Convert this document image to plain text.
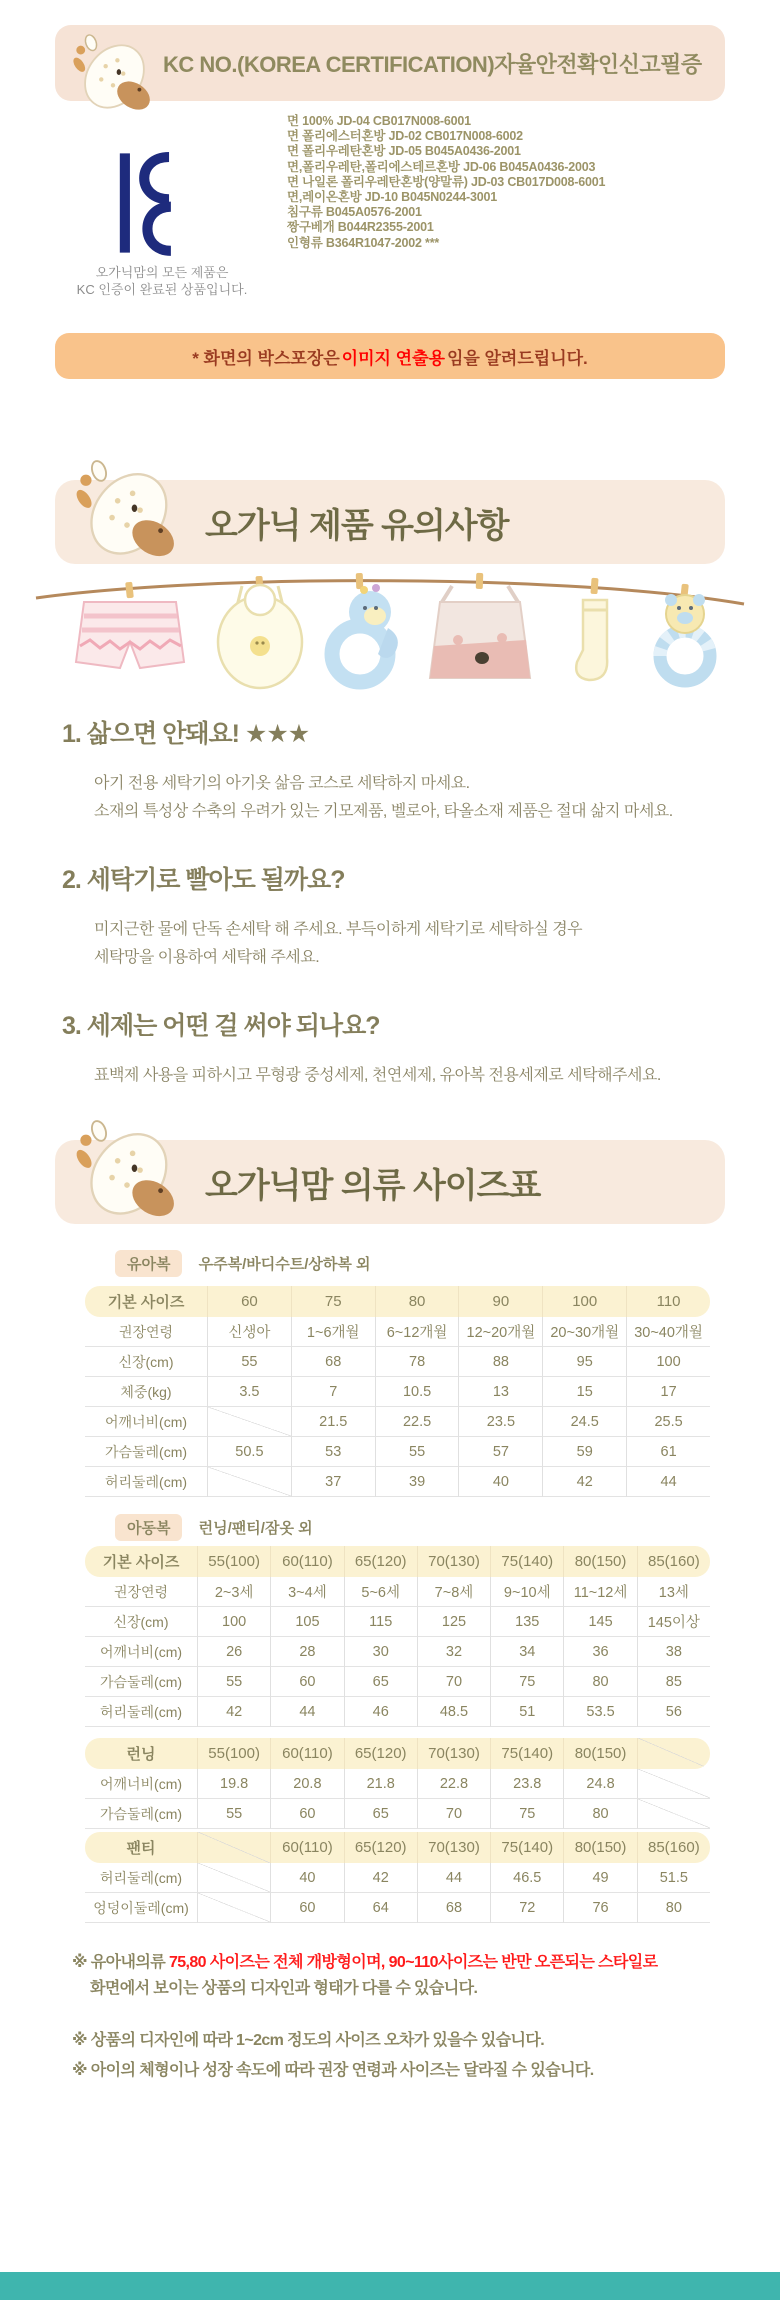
KC NO.(KOREA CERTIFICATION)자율안전확인신고필증
오가닉맘의 모든 제품은
KC 인증이 완료된 상품입니다.
면 100% JD-04 CB017N008-6001
면 폴리에스터혼방 JD-02 CB017N008-6002
면 폴리우레탄혼방 JD-05 B045A0436-2001
면,폴리우레탄,폴리에스테르혼방 JD-06 B045A0436-2003
면 나일론 폴리우레탄혼방(양말류) JD-03 CB017D008-6001
면,레이온혼방 JD-10 B045N0244-3001
침구류 B045A0576-2001
짱구베개 B044R2355-2001
인형류 B364R1047-2002 ***
* 화면의 박스포장은 이미지 연출용 임을 알려드립니다.
오가닉 제품 유의사항
1. 삶으면 안돼요! ★★★

아기 전용 세탁기의 아기옷 삶음 코스로 세탁하지 마세요.

소재의 특성상 수축의 우려가 있는 기모제품, 벨로아, 타올소재 제품은 절대 삶지 마세요.

2. 세탁기로 빨아도 될까요?

미지근한 물에 단독 손세탁 해 주세요. 부득이하게 세탁기로 세탁하실 경우

세탁망을 이용하여 세탁해 주세요.

3. 세제는 어떤 걸 써야 되나요?

표백제 사용을 피하시고 무형광 중성세제, 천연세제, 유아복 전용세제로 세탁해주세요.

오가닉맘 의류 사이즈표
유아복 우주복/바디수트/상하복 외
기본 사이즈	60	75	80	90	100	110
권장연령	신생아	1~6개월	6~12개월	12~20개월	20~30개월	30~40개월
신장(cm)	55	68	78	88	95	100
체중(kg)	3.5	7	10.5	13	15	17
어깨너비(cm)		21.5	22.5	23.5	24.5	25.5
가슴둘레(cm)	50.5	53	55	57	59	61
허리둘레(cm)		37	39	40	42	44
아동복 런닝/팬티/잠옷 외
기본 사이즈	55(100)	60(110)	65(120)	70(130)	75(140)	80(150)	85(160)
권장연령	2~3세	3~4세	5~6세	7~8세	9~10세	11~12세	13세
신장(cm)	100	105	115	125	135	145	145이상
어깨너비(cm)	26	28	30	32	34	36	38
가슴둘레(cm)	55	60	65	70	75	80	85
허리둘레(cm)	42	44	46	48.5	51	53.5	56
런닝	55(100)	60(110)	65(120)	70(130)	75(140)	80(150)	
어깨너비(cm)	19.8	20.8	21.8	22.8	23.8	24.8	
가슴둘레(cm)	55	60	65	70	75	80	
팬티		60(110)	65(120)	70(130)	75(140)	80(150)	85(160)
허리둘레(cm)		40	42	44	46.5	49	51.5
엉덩이둘레(cm)		60	64	68	72	76	80

※ 유아내의류 75,80 사이즈는 전체 개방형이며, 90~110사이즈는 반만 오픈되는 스타일로

화면에서 보이는 상품의 디자인과 형태가 다를 수 있습니다.

※ 상품의 디자인에 따라 1~2cm 정도의 사이즈 오차가 있을수 있습니다.

※ 아이의 체형이나 성장 속도에 따라 권장 연령과 사이즈는 달라질 수 있습니다.
